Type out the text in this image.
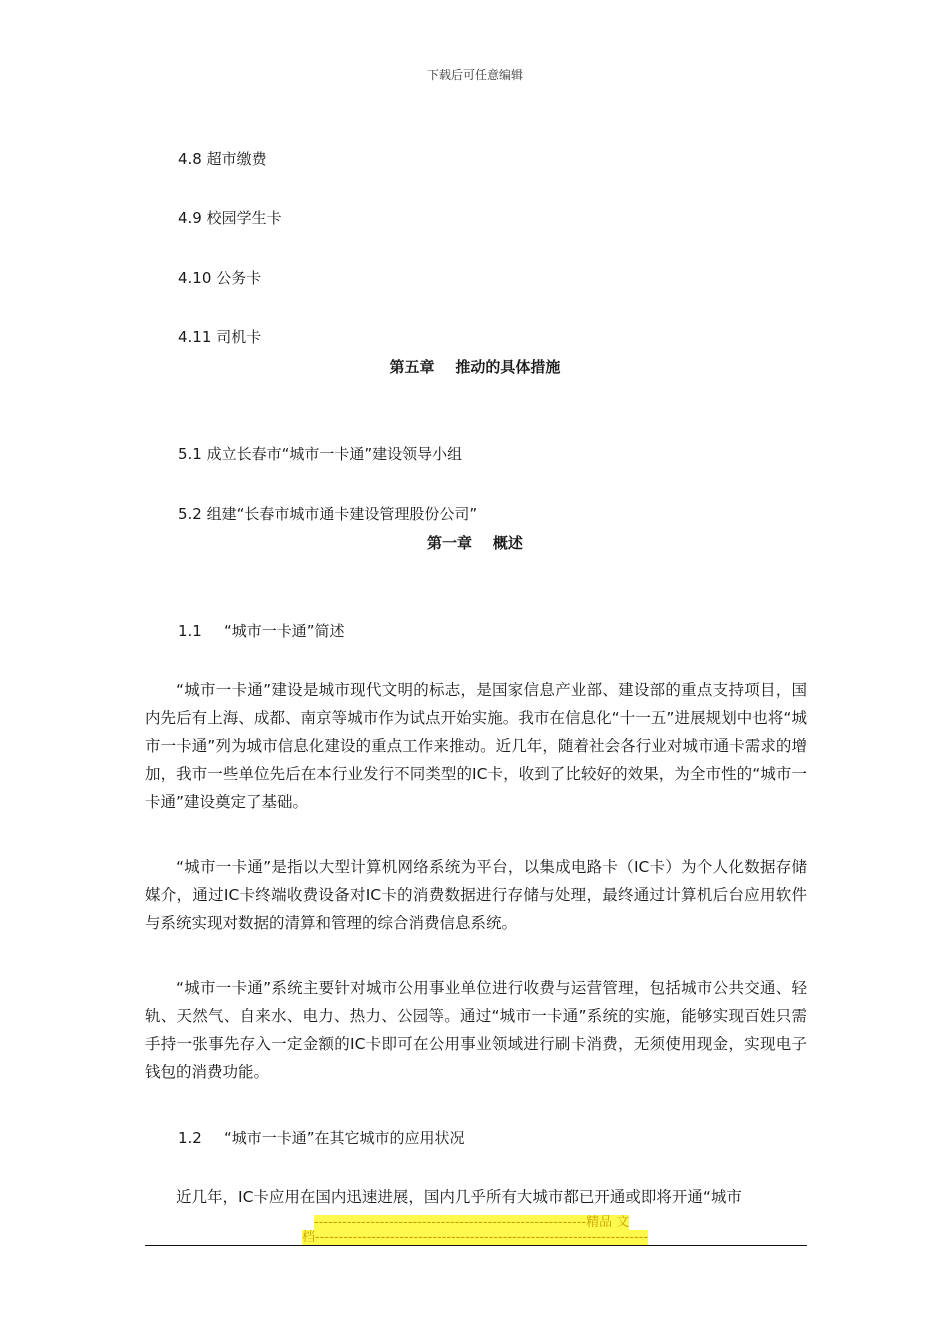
下载后可任意编辑
4.8 超市缴费
4.9 校园学生卡
4.10 公务卡
4.11 司机卡
第五章    推动的具体措施
5.1 成立长春市“城市一卡通”建设领导小组
5.2 组建“长春市城市通卡建设管理股份公司”
第一章    概述
1.1 “城市一卡通”简述

“城市一卡通”建设是城市现代文明的标志，是国家信息产业部、建设部的重点支持项目，国内先后有上海、成都、南京等城市作为试点开始实施。我市在信息化“十一五”进展规划中也将“城市一卡通”列为城市信息化建设的重点工作来推动。近几年，随着社会各行业对城市通卡需求的增加，我市一些单位先后在本行业发行不同类型的IC卡，收到了比较好的效果，为全市性的“城市一卡通”建设奠定了基础。

“城市一卡通”是指以大型计算机网络系统为平台，以集成电路卡（IC卡）为个人化数据存储媒介，通过IC卡终端收费设备对IC卡的消费数据进行存储与处理，最终通过计算机后台应用软件与系统实现对数据的清算和管理的综合消费信息系统。

“城市一卡通”系统主要针对城市公用事业单位进行收费与运营管理，包括城市公共交通、轻轨、天然气、自来水、电力、热力、公园等。通过“城市一卡通”系统的实施，能够实现百姓只需手持一张事先存入一定金额的IC卡即可在公用事业领域进行刷卡消费，无须使用现金，实现电子钱包的消费功能。

1.2 “城市一卡通”在其它城市的应用状况

近几年，IC卡应用在国内迅速进展，国内几乎所有大城市都已开通或即将开通“城市

----------------------------------------------------------精品 文
档-----------------------------------------------------------------------
